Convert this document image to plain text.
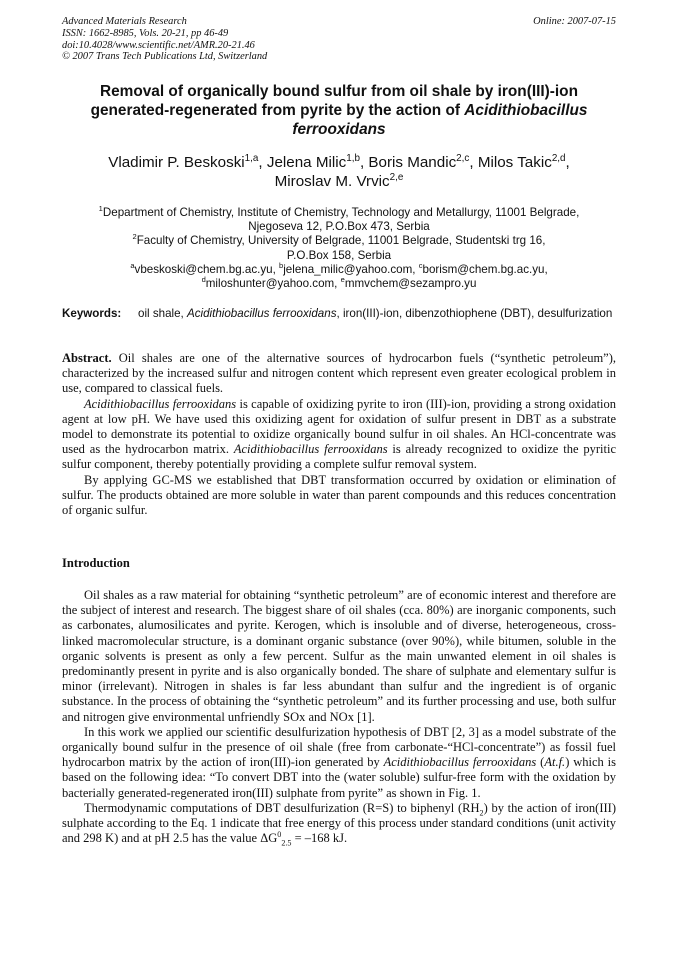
Advanced Materials Research
ISSN: 1662-8985, Vols. 20-21, pp 46-49
doi:10.4028/www.scientific.net/AMR.20-21.46
© 2007 Trans Tech Publications Ltd, Switzerland
Online: 2007-07-15
Removal of organically bound sulfur from oil shale by iron(III)-ion
generated-regenerated from pyrite by the action of Acidithiobacillus
ferrooxidans
Vladimir P. Beskoski$^{1,a}$, Jelena Milic$^{1,b}$, Boris Mandic$^{2,c}$, Milos Takic$^{2,d}$,
Miroslav M. Vrvic$^{2,e}$
$^1$Department of Chemistry, Institute of Chemistry, Technology and Metallurgy, 11001 Belgrade,
Njegoseva 12, P.O.Box 473, Serbia
$^2$Faculty of Chemistry, University of Belgrade, 11001 Belgrade, Studentski trg 16,
P.O.Box 158, Serbia
$^a$vbeskoski@chem.bg.ac.yu, $^b$jelena_milic@yahoo.com, $^c$borism@chem.bg.ac.yu,
$^d$miloshunter@yahoo.com, $^e$mmvchem@sezampro.yu
Keywords:	oil shale, Acidithiobacillus ferrooxidans, iron(III)-ion, dibenzothiophene (DBT), desulfurization

Abstract. Oil shales are one of the alternative sources of hydrocarbon fuels (“synthetic petroleum”), characterized by the increased sulfur and nitrogen content which represent even greater ecological problem in use, compared to classical fuels.

Acidithiobacillus ferrooxidans is capable of oxidizing pyrite to iron (III)-ion, providing a strong oxidation agent at low pH. We have used this oxidizing agent for oxidation of sulfur present in DBT as a substrate model to demonstrate its potential to oxidize organically bound sulfur in oil shales. An HCl-concentrate was used as the hydrocarbon matrix. Acidithiobacillus ferrooxidans is already recognized to oxidize the pyritic sulfur component, thereby potentially providing a complete sulfur removal system.

By applying GC-MS we established that DBT transformation occurred by oxidation or elimination of sulfur. The products obtained are more soluble in water than parent compounds and this reduces concentration of organic sulfur.

Introduction

Oil shales as a raw material for obtaining “synthetic petroleum” are of economic interest and therefore are the subject of interest and research. The biggest share of oil shales (cca. 80%) are inorganic components, such as carbonates, alumosilicates and pyrite. Kerogen, which is insoluble and of diverse, heterogeneous, cross-linked macromolecular structure, is a dominant organic substance (over 90%), while bitumen, soluble in the organic solvents is present as only a few percent. Sulfur as the main unwanted element in oil shales is predominantly present in pyrite and is also organically bonded. The share of sulphate and elementary sulfur is minor (irrelevant). Nitrogen in shales is far less abundant than sulfur and the ingredient is of organic substance. In the process of obtaining the “synthetic petroleum” and its further processing and use, both sulfur and nitrogen give environmental unfriendly SOx and NOx [1].

In this work we applied our scientific desulfurization hypothesis of DBT [2, 3] as a model substrate of the organically bound sulfur in the presence of oil shale (free from carbonate-“HCl-concentrate”) as fossil fuel hydrocarbon matrix by the action of iron(III)-ion generated by Acidithiobacillus ferrooxidans (At.f.) which is based on the following idea: “To convert DBT into the (water soluble) sulfur-free form with the oxidation by bacterially generated-regenerated iron(III) sulphate from pyrite” as shown in Fig. 1.

Thermodynamic computations of DBT desulfurization (R=S) to biphenyl $(RH_2)$ by the action of iron(III) sulphate according to the Eq. 1 indicate that free energy of this process under standard conditions (unit activity and 298 K) and at pH 2.5 has the value $\Delta G^0_{2.5} = -168$ kJ.
